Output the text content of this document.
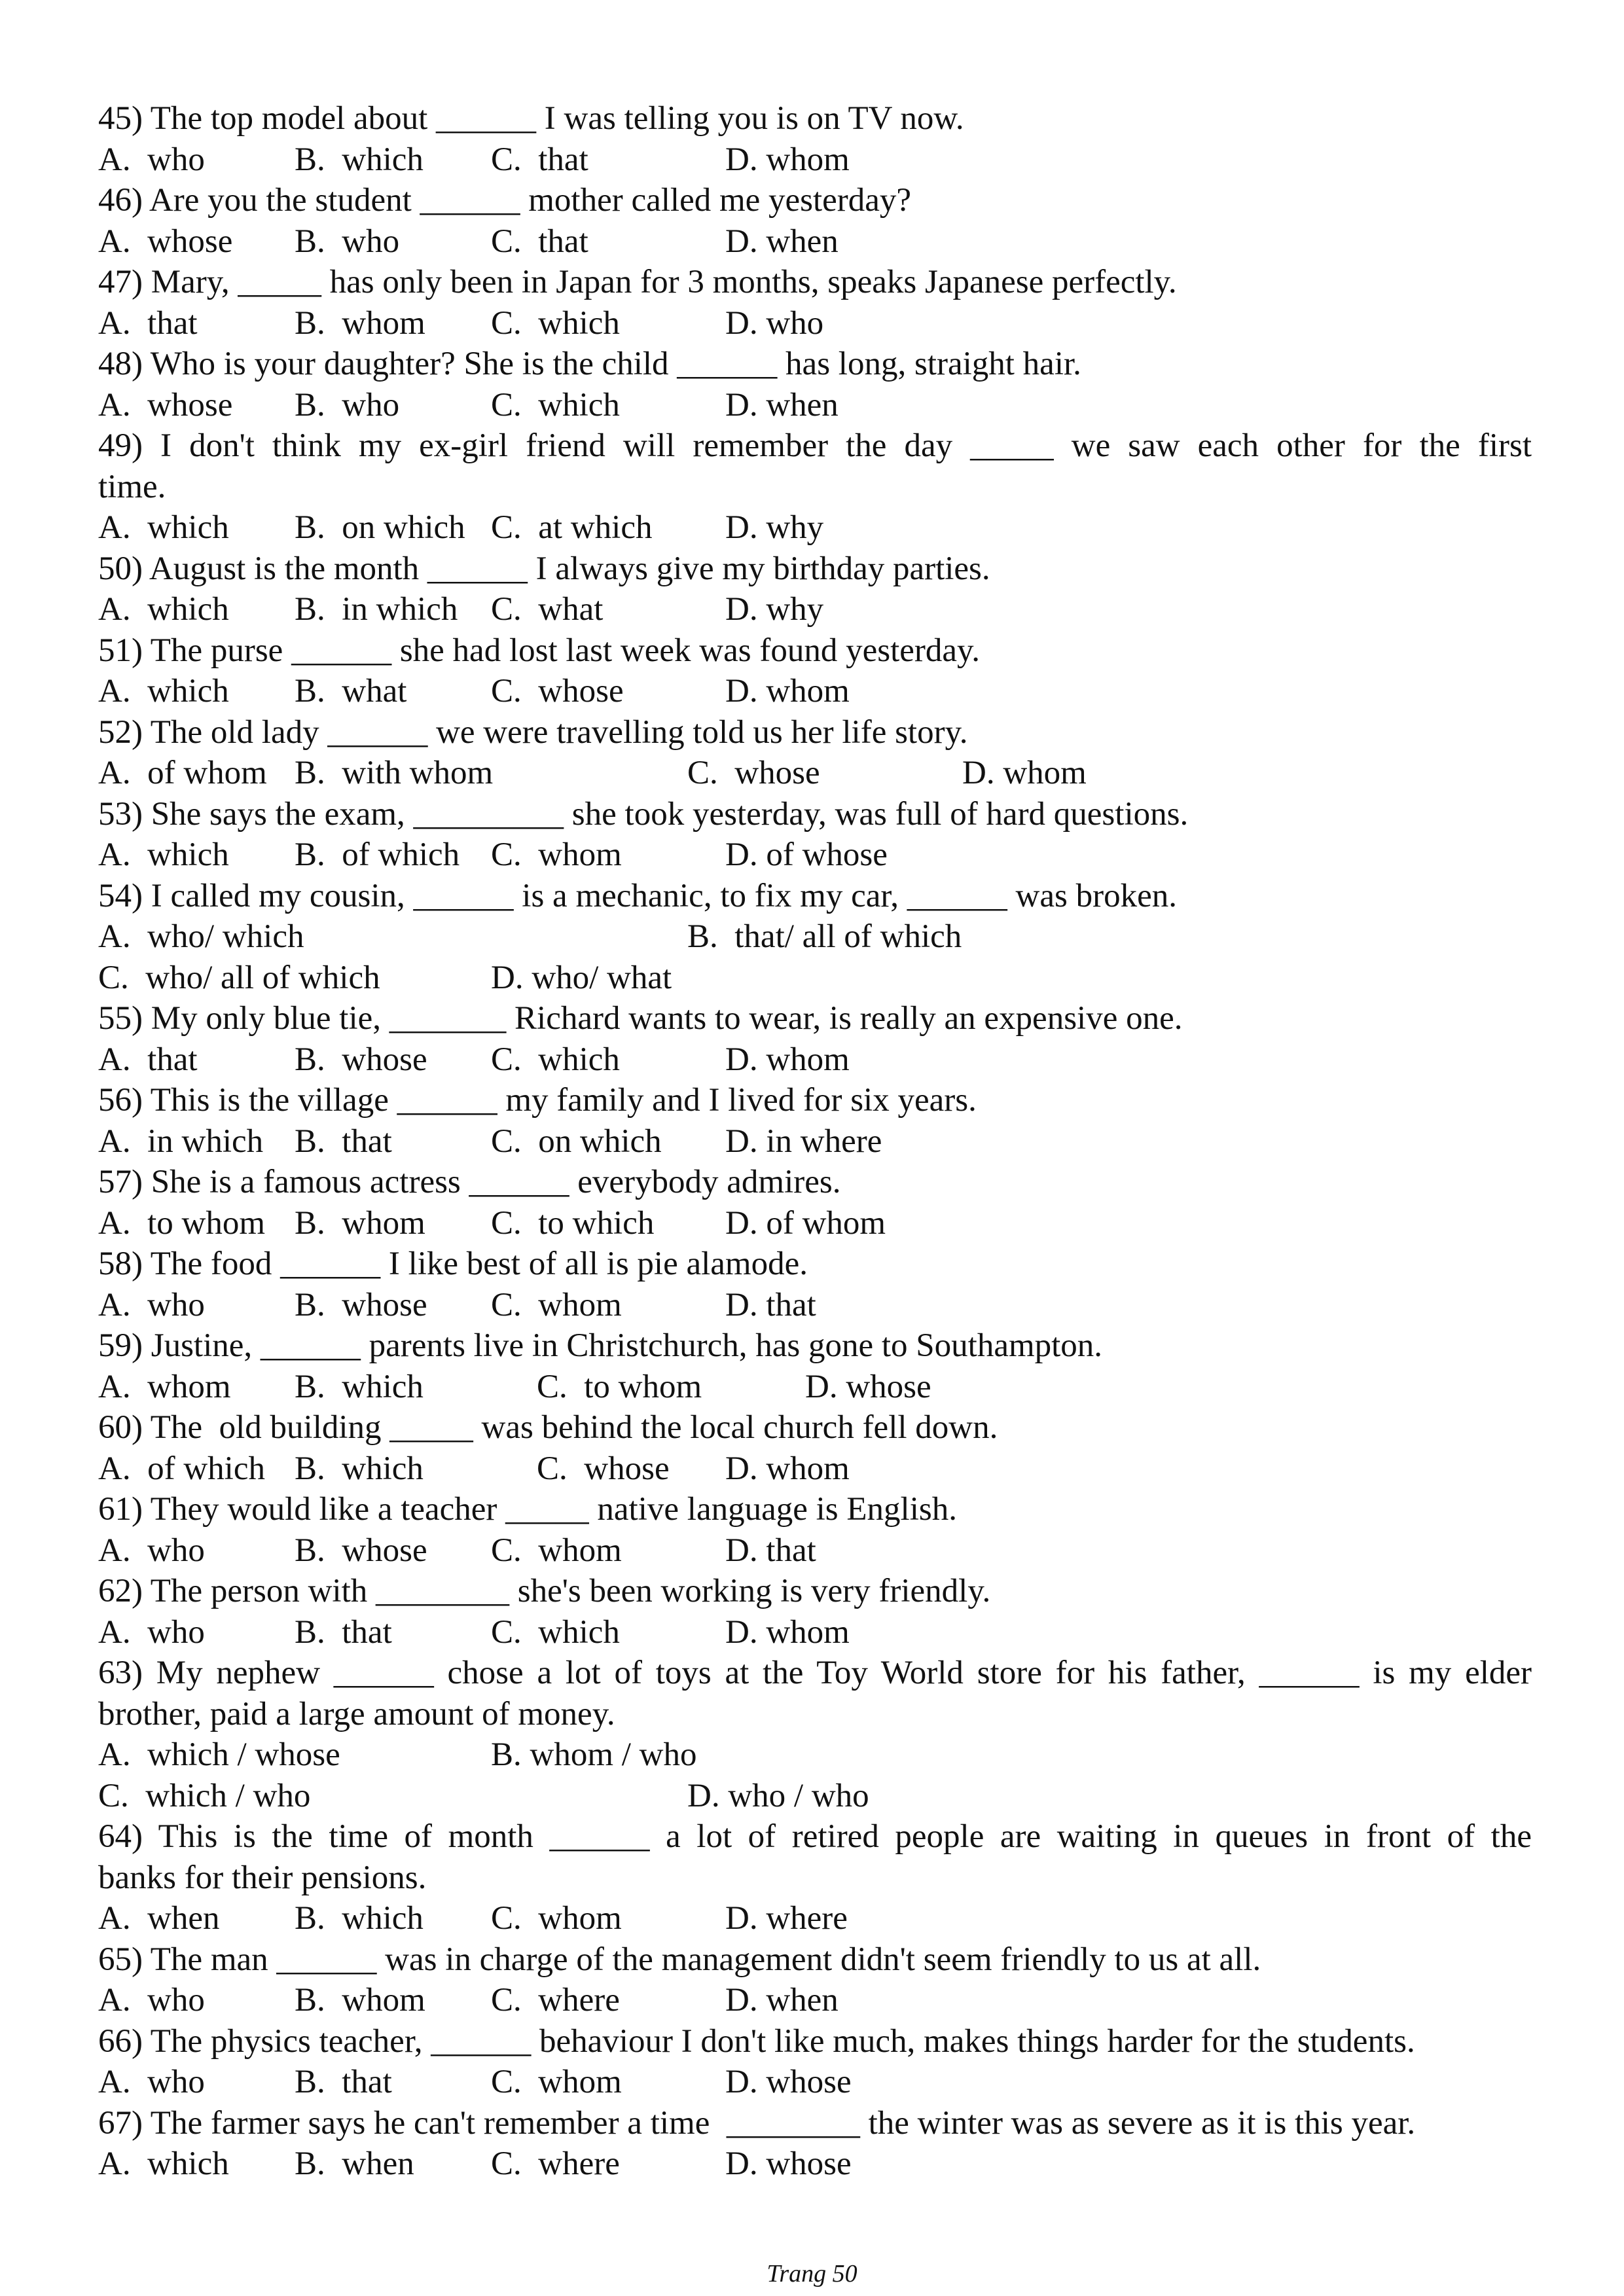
45) The top model about ______ I was telling you is on TV now.
A.  who	B.  which C.  that	D. whom
46) Are you the student ______ mother called me yesterday?
A.  whose B.  who	C.  that	D. when
47) Mary, _____ has only been in Japan for 3 months, speaks Japanese perfectly.
A.  that	B.  whom C.  which	D. who
48) Who is your daughter? She is the child ______ has long, straight hair.
A.  whose B.  who	C.  which	D. when
49) I don't think my ex-girl friend will remember the day _____ we saw each other for the first
time.
A.  which B.  on which C.  at which D. why
50) August is the month ______ I always give my birthday parties.
A.  which B.  in which C.  what	D. why
51) The purse ______ she had lost last week was found yesterday.
A.  which B.  what	C.  whose	D. whom
52) The old lady ______ we were travelling told us her life story.
A.  of whom B.  with whom	C.  whose	D. whom
53) She says the exam, _________ she took yesterday, was full of hard questions.
A.  which B.  of which C.  whom	D. of whose
54) I called my cousin, ______ is a mechanic, to fix my car, ______ was broken.
A.  who/ which	B.  that/ all of which
C.  who/ all of which	D. who/ what
55) My only blue tie, _______ Richard wants to wear, is really an expensive one.
A.  that	B.  whose C.  which	D. whom
56) This is the village ______ my family and I lived for six years.
A.  in which B.  that	C.  on which D. in where
57) She is a famous actress ______ everybody admires.
A.  to whom B.  whom C.  to which D. of whom
58) The food ______ I like best of all is pie alamode.
A.  who	B.  whose C.  whom	D. that
59) Justine, ______ parents live in Christchurch, has gone to Southampton.
A.  whom B.  which	C.  to whom	D. whose
60) The  old building _____ was behind the local church fell down.
A.  of which B.  which	C.  whose D. whom
61) They would like a teacher _____ native language is English.
A.  who	B.  whose C.  whom	D. that
62) The person with ________ she's been working is very friendly.
A.  who	B.  that	C.  which	D. whom
63) My nephew ______ chose a lot of toys at the Toy World store for his father, ______ is my elder
brother, paid a large amount of money.
A.  which / whose	B. whom / who
C.  which / who	D. who / who
64) This is the time of month ______ a lot of retired people are waiting in queues in front of the
banks for their pensions.
A.  when B.  which C.  whom	D. where
65) The man ______ was in charge of the management didn't seem friendly to us at all.
A.  who	B.  whom C.  where	D. when
66) The physics teacher, ______ behaviour I don't like much, makes things harder for the students.
A.  who	B.  that	C.  whom	D. whose
67) The farmer says he can't remember a time  ________ the winter was as severe as it is this year.
A.  which B.  when C.  where	D. whose
Trang 50
